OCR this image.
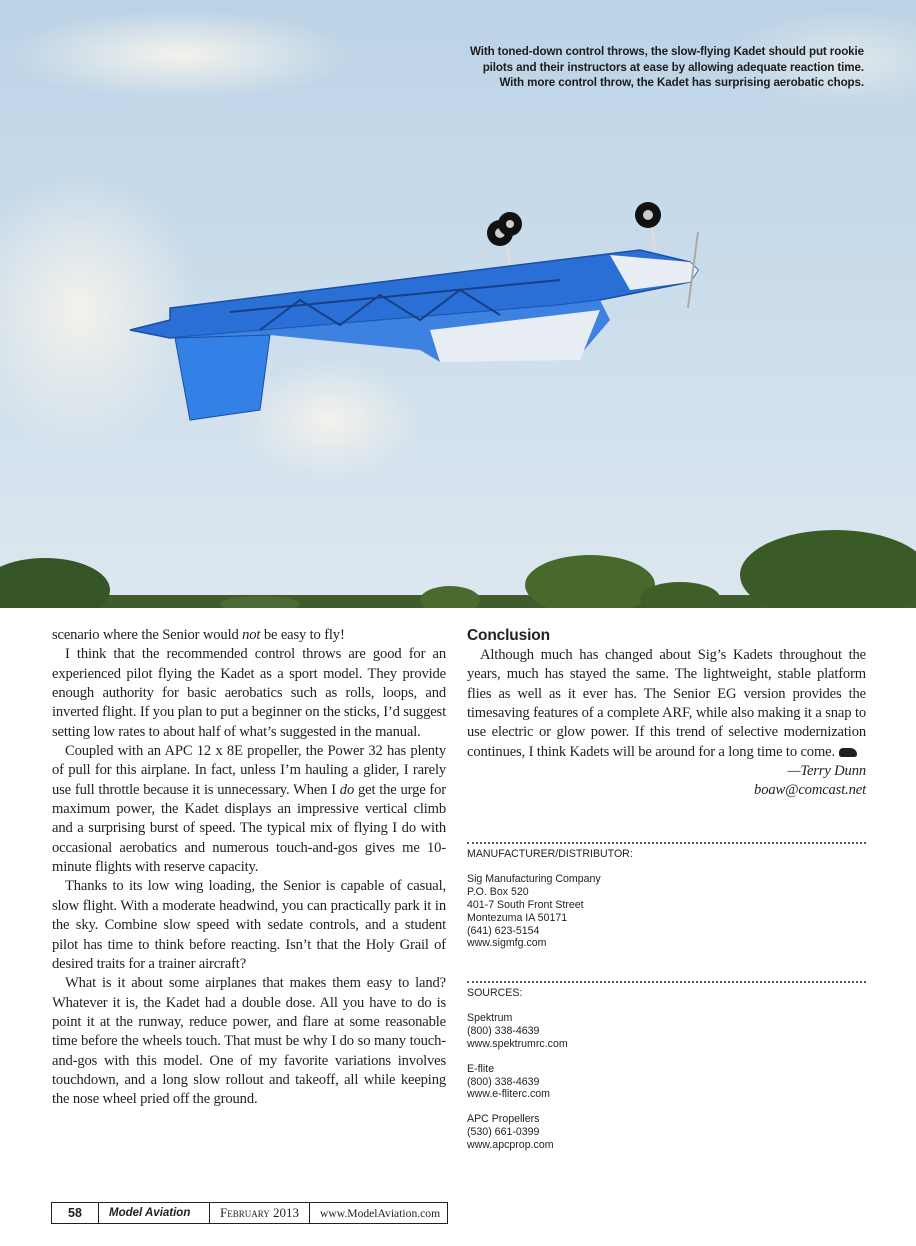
With toned-down control throws, the slow-flying Kadet should put rookie
pilots and their instructors at ease by allowing adequate reaction time.
With more control throw, the Kadet has surprising aerobatic chops.

scenario where the Senior would not be easy to fly!

I think that the recommended control throws are good for an experienced pilot flying the Kadet as a sport model. They provide enough authority for basic aerobatics such as rolls, loops, and inverted flight. If you plan to put a beginner on the sticks, I’d suggest setting low rates to about half of what’s suggested in the manual.

Coupled with an APC 12 x 8E propeller, the Power 32 has plenty of pull for this airplane. In fact, unless I’m hauling a glider, I rarely use full throttle because it is unnecessary. When I do get the urge for maximum power, the Kadet displays an impressive vertical climb and a surprising burst of speed. The typical mix of flying I do with occasional aerobatics and numerous touch-and-gos gives me 10-minute flights with reserve capacity.

Thanks to its low wing loading, the Senior is capable of casual, slow flight. With a moderate headwind, you can practically park it in the sky. Combine slow speed with sedate controls, and a student pilot has time to think before reacting. Isn’t that the Holy Grail of desired traits for a trainer aircraft?

What is it about some airplanes that makes them easy to land? Whatever it is, the Kadet had a double dose. All you have to do is point it at the runway, reduce power, and flare at some reasonable time before the wheels touch. That must be why I do so many touch-and-gos with this model. One of my favorite variations involves touchdown, and a long slow rollout and takeoff, all while keeping the nose wheel pried off the ground.

Conclusion

Although much has changed about Sig’s Kadets throughout the years, much has stayed the same. The lightweight, stable platform flies as well as it ever has. The Senior EG version provides the timesaving features of a complete ARF, while also making it a snap to use electric or glow power. If this trend of selective modernization continues, I think Kadets will be around for a long time to come.

—Terry Dunn
boaw@comcast.net
MANUFACTURER/DISTRIBUTOR:
Sig Manufacturing Company
P.O. Box 520
401-7 South Front Street
Montezuma IA 50171
(641) 623-5154
www.sigmfg.com
SOURCES:
Spektrum
(800) 338-4639
www.spektrumrc.com
E-flite
(800) 338-4639
www.e-fliterc.com
APC Propellers
(530) 661-0399
www.apcprop.com
58	Model Aviation	February 2013	www.ModelAviation.com
